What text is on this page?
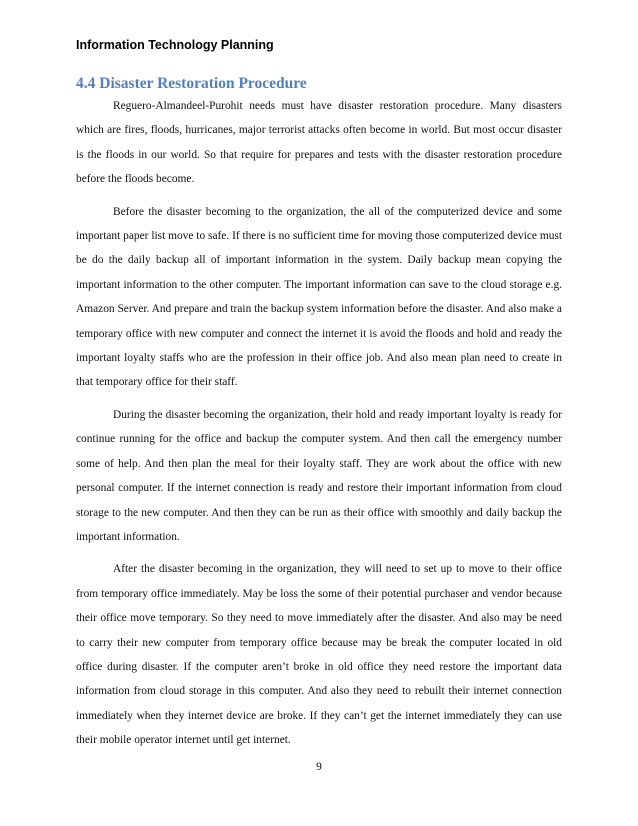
Information Technology Planning
4.4 Disaster Restoration Procedure

Reguero-Almandeel-Purohit needs must have disaster restoration procedure. Many disasters which are fires, floods, hurricanes, major terrorist attacks often become in world. But most occur disaster is the floods in our world. So that require for prepares and tests with the disaster restoration procedure before the floods become.

Before the disaster becoming to the organization, the all of the computerized device and some important paper list move to safe. If there is no sufficient time for moving those computerized device must be do the daily backup all of important information in the system. Daily backup mean copying the important information to the other computer. The important information can save to the cloud storage e.g. Amazon Server. And prepare and train the backup system information before the disaster. And also make a temporary office with new computer and connect the internet it is avoid the floods and hold and ready the important loyalty staffs who are the profession in their office job. And also mean plan need to create in that temporary office for their staff.

During the disaster becoming the organization, their hold and ready important loyalty is ready for continue running for the office and backup the computer system. And then call the emergency number some of help. And then plan the meal for their loyalty staff. They are work about the office with new personal computer. If the internet connection is ready and restore their important information from cloud storage to the new computer. And then they can be run as their office with smoothly and daily backup the important information.

After the disaster becoming in the organization, they will need to set up to move to their office from temporary office immediately. May be loss the some of their potential purchaser and vendor because their office move temporary. So they need to move immediately after the disaster. And also may be need to carry their new computer from temporary office because may be break the computer located in old office during disaster. If the computer aren’t broke in old office they need restore the important data information from cloud storage in this computer. And also they need to rebuilt their internet connection immediately when they internet device are broke. If they can’t get the internet immediately they can use their mobile operator internet until get internet.

9
